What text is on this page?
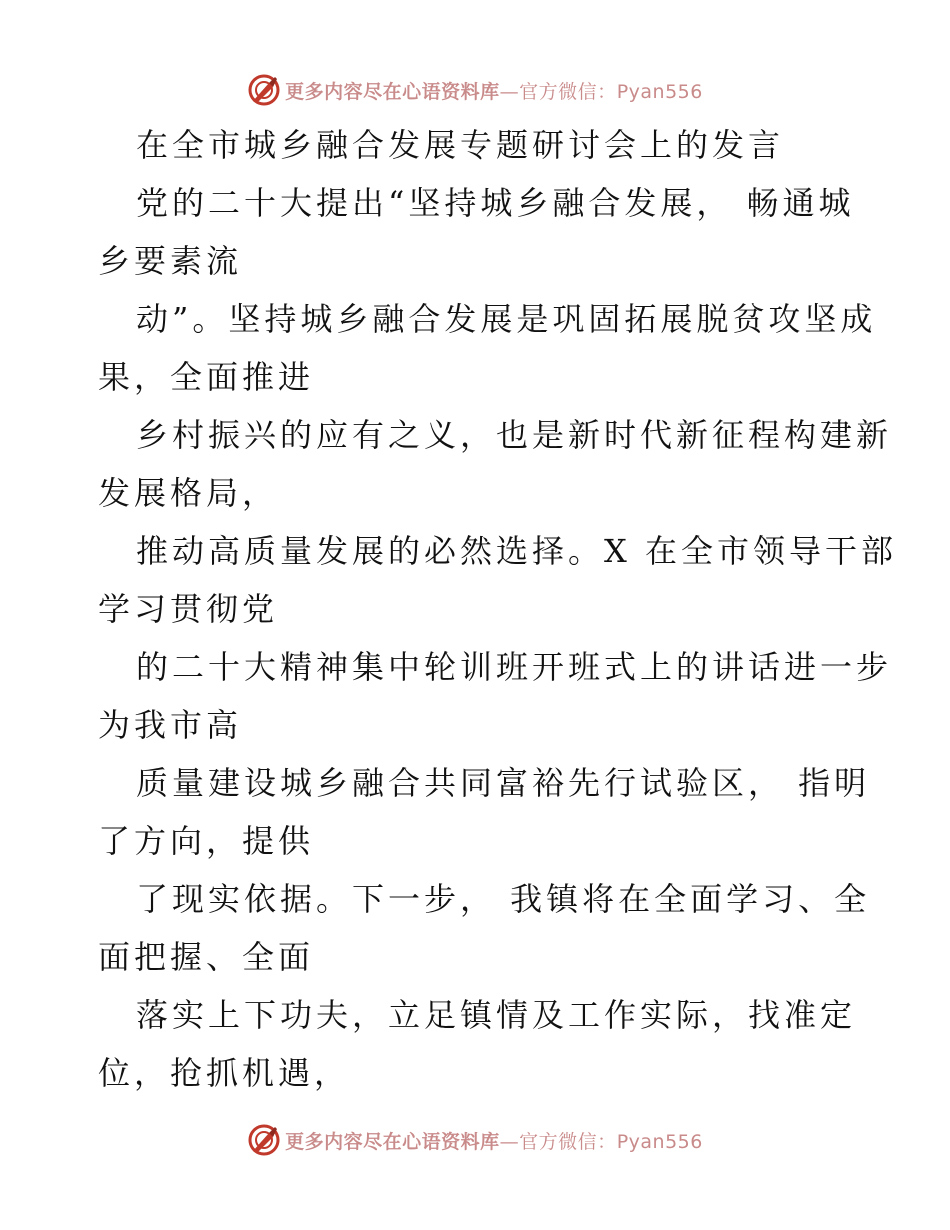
更多内容尽在心语资料库—官方微信：Pyan556
在全市城乡融合发展专题研讨会上的发言
党的二十大提出“坚持城乡融合发展， 畅通城
乡要素流
动”。坚持城乡融合发展是巩固拓展脱贫攻坚成
果，全面推进
乡村振兴的应有之义，也是新时代新征程构建新
发展格局，
推动高质量发展的必然选择。X 在全市领导干部
学习贯彻党
的二十大精神集中轮训班开班式上的讲话进一步
为我市高
质量建设城乡融合共同富裕先行试验区， 指明
了方向，提供
了现实依据。下一步， 我镇将在全面学习、全
面把握、全面
落实上下功夫，立足镇情及工作实际，找准定
位，抢抓机遇，
更多内容尽在心语资料库—官方微信：Pyan556
